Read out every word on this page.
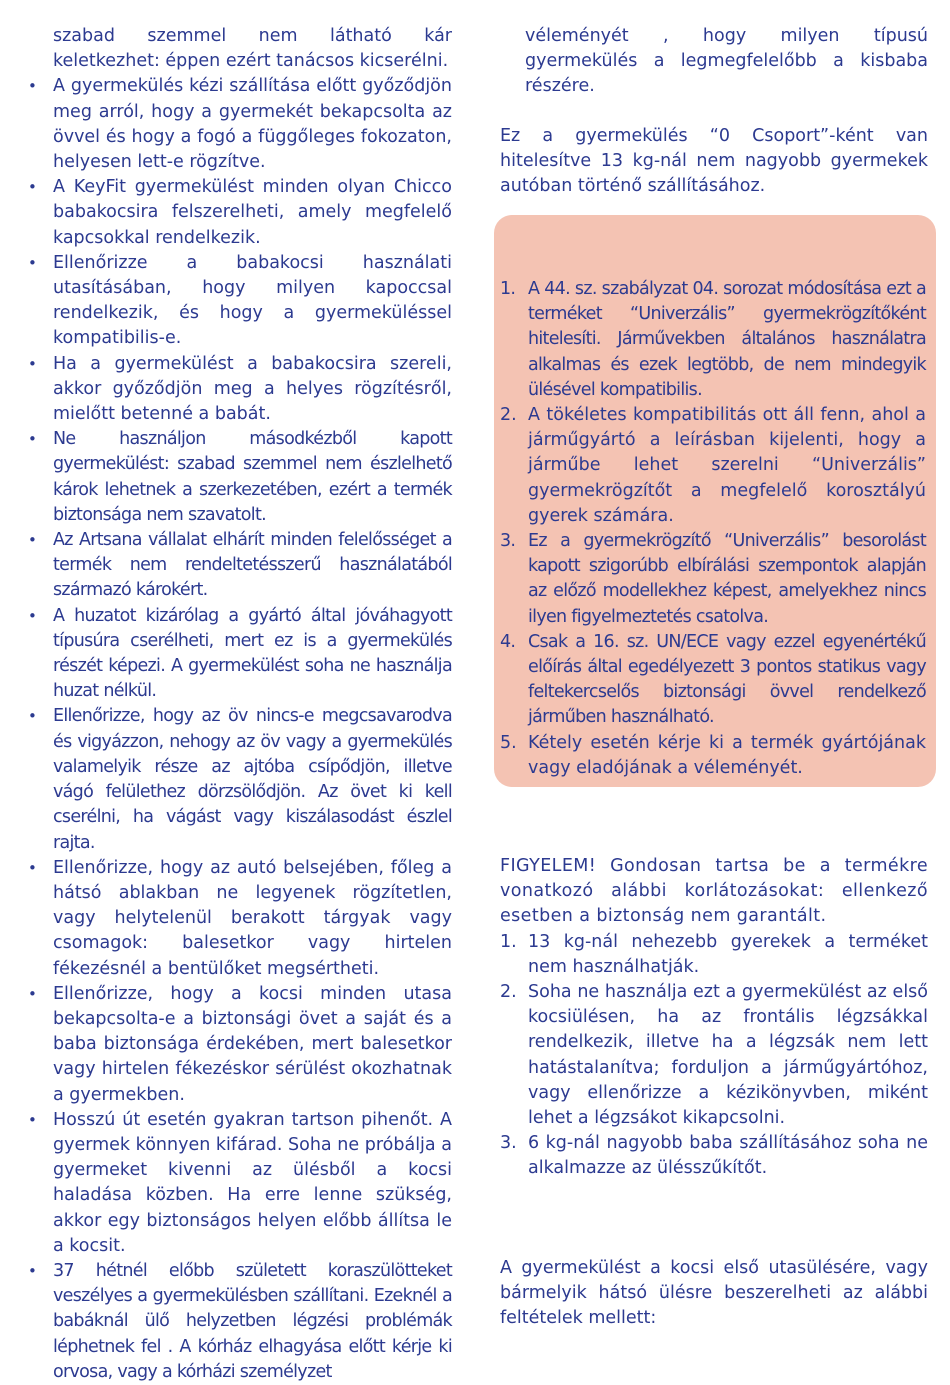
szabad szemmel nem látható kár keletkezhet: éppen ezért tanácsos kicserélni.

• A gyermekülés kézi szállítása előtt győződjön meg arról, hogy a gyermekét bekapcsolta az övvel és hogy a fogó a függőleges fokozaton, helyesen lett-e rögzítve.
• A KeyFit gyermekülést minden olyan Chicco babakocsira felszerelheti, amely megfelelő kapcsokkal rendelkezik.
• Ellenőrizze a babakocsi használati utasításában, hogy milyen kapoccsal rendelkezik, és hogy a gyermeküléssel kompatibilis-e.
• Ha a gyermekülést a babakocsira szereli, akkor győződjön meg a helyes rögzítésről, mielőtt betenné a babát.
• Ne használjon másodkézből kapott gyermekülést: szabad szemmel nem észlelhető károk lehetnek a szerkezetében, ezért a termék biztonsága nem szavatolt.
• Az Artsana vállalat elhárít minden felelősséget a termék nem rendeltetésszerű használatából származó károkért.
• A huzatot kizárólag a gyártó által jóváhagyott típusúra cserélheti, mert ez is a gyermekülés részét képezi. A gyermekülést soha ne használja huzat nélkül.
• Ellenőrizze, hogy az öv nincs-e megcsavarodva és vigyázzon, nehogy az öv vagy a gyermekülés valamelyik része az ajtóba csípődjön, illetve vágó felülethez dörzsölődjön. Az övet ki kell cserélni, ha vágást vagy kiszálasodást észlel rajta.
• Ellenőrizze, hogy az autó belsejében, főleg a hátsó ablakban ne legyenek rögzítetlen, vagy helytelenül berakott tárgyak vagy csomagok: balesetkor vagy hirtelen fékezésnél a bentülőket megsértheti.
• Ellenőrizze, hogy a kocsi minden utasa bekapcsolta-e a biztonsági övet a saját és a baba biztonsága érdekében, mert balesetkor vagy hirtelen fékezéskor sérülést okozhatnak a gyermekben.
• Hosszú út esetén gyakran tartson pihenőt. A gyermek könnyen kifárad. Soha ne próbálja a gyermeket kivenni az ülésből a kocsi haladása közben. Ha erre lenne szükség, akkor egy biztonságos helyen előbb állítsa le a kocsit.
• 37 hétnél előbb született koraszülötteket veszélyes a gyermekülésben szállítani. Ezeknél a babáknál ülő helyzetben légzési problémák léphetnek fel . A kórház elhagyása előtt kérje ki orvosa, vagy a kórházi személyzet

véleményét , hogy milyen típusú gyermekülés a legmegfelelőbb a kisbaba részére.

Ez a gyermekülés “0 Csoport”-ként van hitelesítve 13 kg-nál nem nagyobb gyermekek autóban történő szállításához.

1. A 44. sz. szabályzat 04. sorozat módosítása ezt a terméket “Univerzális” gyermekrögzítőként hitelesíti. Járművekben általános használatra alkalmas és ezek legtöbb, de nem mindegyik ülésével kompatibilis.
2. A tökéletes kompatibilitás ott áll fenn, ahol a járműgyártó a leírásban kijelenti, hogy a járműbe lehet szerelni “Univerzális” gyermekrögzítőt a megfelelő korosztályú gyerek számára.
3. Ez a gyermekrögzítő “Univerzális” besorolást kapott szigorúbb elbírálási szempontok alapján az előző modellekhez képest, amelyekhez nincs ilyen figyelmeztetés csatolva.
4. Csak a 16. sz. UN/ECE vagy ezzel egyenértékű előírás által egedélyezett 3 pontos statikus vagy feltekercselős biztonsági övvel rendelkező járműben használható.
5. Kétely esetén kérje ki a termék gyártójának vagy eladójának a véleményét.

FIGYELEM! Gondosan tartsa be a termékre vonatkozó alábbi korlátozásokat: ellenkező esetben a biztonság nem garantált.

1. 13 kg-nál nehezebb gyerekek a terméket nem használhatják.
2. Soha ne használja ezt a gyermekülést az első kocsiülésen, ha az frontális légzsákkal rendelkezik, illetve ha a légzsák nem lett hatástalanítva; forduljon a járműgyártóhoz, vagy ellenőrizze a kézikönyvben, miként lehet a légzsákot kikapcsolni.
3. 6 kg-nál nagyobb baba szállításához soha ne alkalmazze az ülésszűkítőt.

A gyermekülést a kocsi első utasülésére, vagy bármelyik hátsó ülésre beszerelheti az alábbi feltételek mellett:
